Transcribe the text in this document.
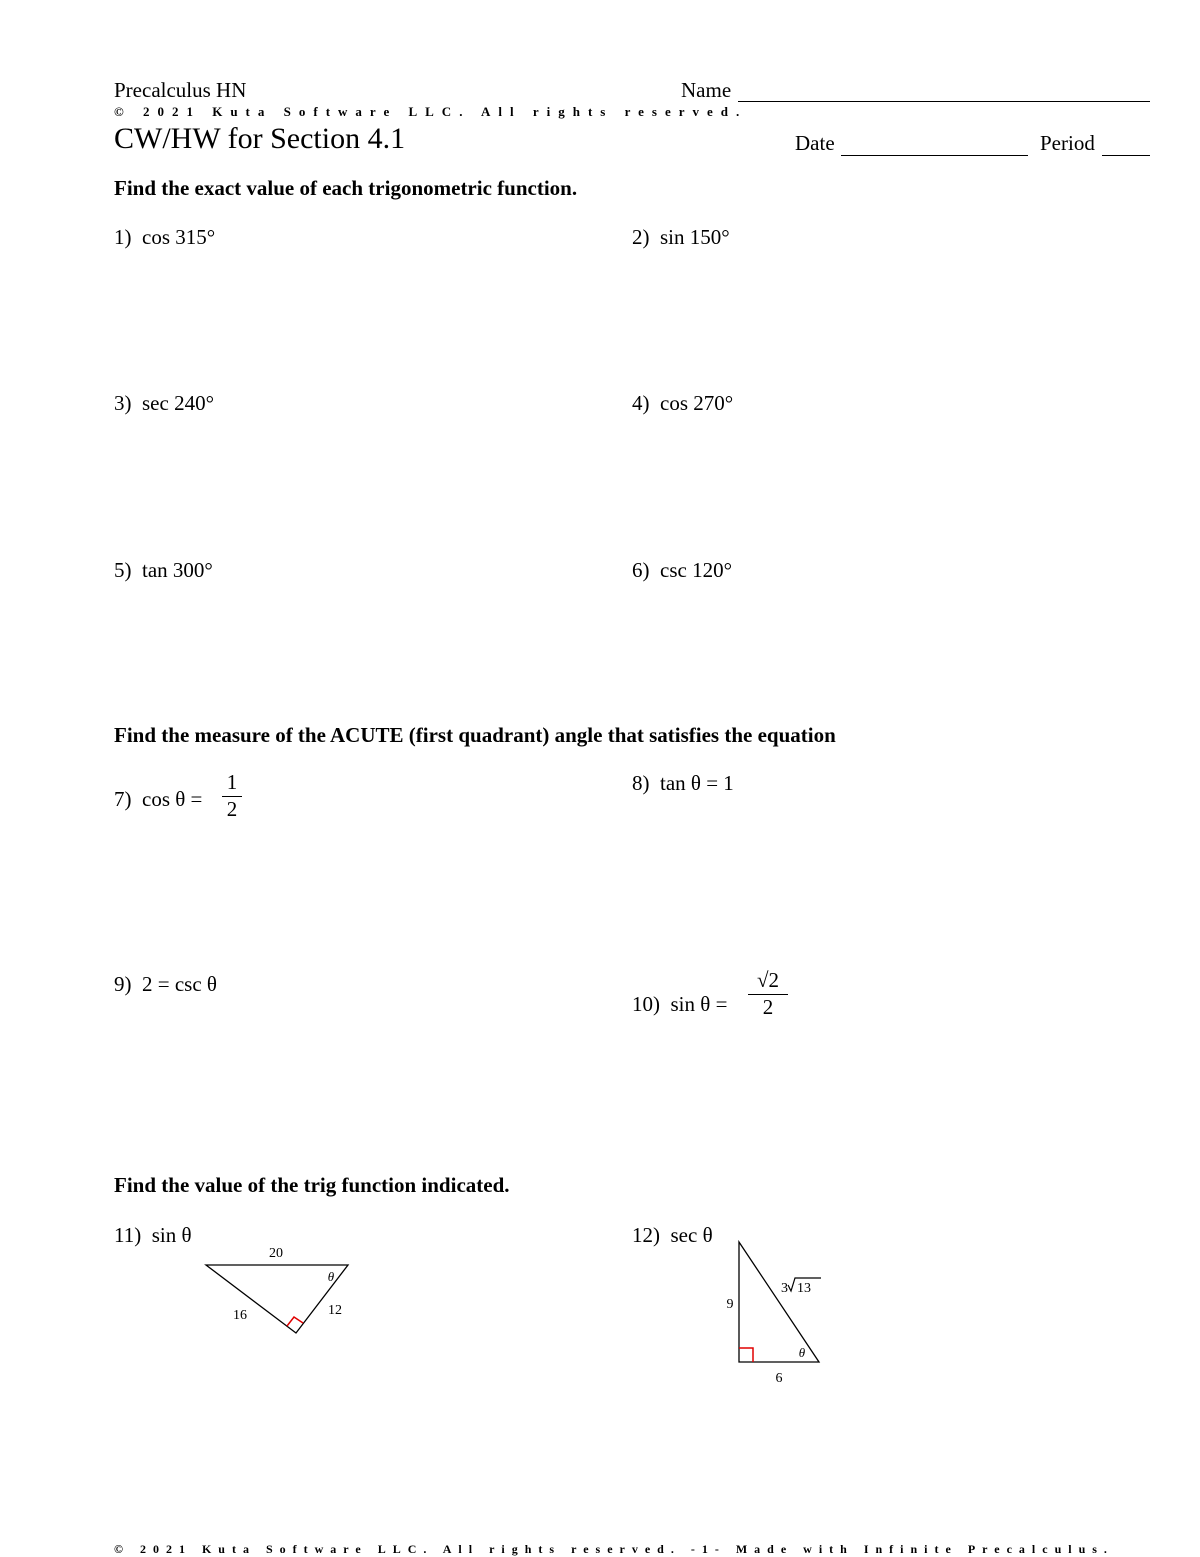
Precalculus HN	Name
© 2021 Kuta Software LLC. All rights reserved.
CW/HW for Section 4.1	Date	Period
Find the exact value of each trigonometric function.
1) cos 315°	2) sin 150°
3) sec 240°	4) cos 270°
5) tan 300°	6) csc 120°
Find the measure of the ACUTE (first quadrant) angle that satisfies the equation
7) cos θ =
1
2
8) tan θ = 1
9) 2 = csc θ
10) sin θ =
√2
2
Find the value of the trig function indicated.
11) sin θ	12) sec θ
20
16	12
θ
9
6
θ
3 13
© 2021 Kuta Software LLC. All rights reserved. -1- Made with Infinite Precalculus.
